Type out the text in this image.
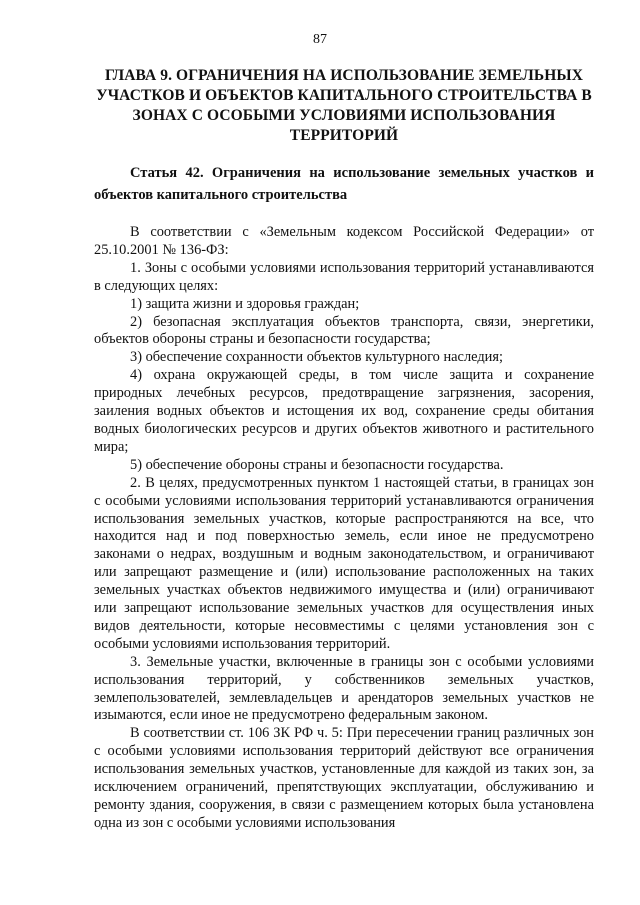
87
ГЛАВА 9. ОГРАНИЧЕНИЯ НА ИСПОЛЬЗОВАНИЕ ЗЕМЕЛЬНЫХ УЧАСТКОВ И ОБЪЕКТОВ КАПИТАЛЬНОГО СТРОИТЕЛЬСТВА В ЗОНАХ С ОСОБЫМИ УСЛОВИЯМИ ИСПОЛЬЗОВАНИЯ ТЕРРИТОРИЙ
Статья 42. Ограничения на использование земельных участков и объектов капитального строительства

В соответствии с «Земельным кодексом Российской Федерации» от 25.10.2001 № 136-ФЗ:

1. Зоны с особыми условиями использования территорий устанавливаются в следующих целях:

1) защита жизни и здоровья граждан;

2) безопасная эксплуатация объектов транспорта, связи, энергетики, объектов обороны страны и безопасности государства;

3) обеспечение сохранности объектов культурного наследия;

4) охрана окружающей среды, в том числе защита и сохранение природных лечебных ресурсов, предотвращение загрязнения, засорения, заиления водных объектов и истощения их вод, сохранение среды обитания водных биологических ресурсов и других объектов животного и растительного мира;

5) обеспечение обороны страны и безопасности государства.

2. В целях, предусмотренных пунктом 1 настоящей статьи, в границах зон с особыми условиями использования территорий устанавливаются ограничения использования земельных участков, которые распространяются на все, что находится над и под поверхностью земель, если иное не предусмотрено законами о недрах, воздушным и водным законодательством, и ограничивают или запрещают размещение и (или) использование расположенных на таких земельных участках объектов недвижимого имущества и (или) ограничивают или запрещают использование земельных участков для осуществления иных видов деятельности, которые несовместимы с целями установления зон с особыми условиями использования территорий.

3. Земельные участки, включенные в границы зон с особыми условиями использования территорий, у собственников земельных участков, землепользователей, землевладельцев и арендаторов земельных участков не изымаются, если иное не предусмотрено федеральным законом.

В соответствии ст. 106 ЗК РФ ч. 5: При пересечении границ различных зон с особыми условиями использования территорий действуют все ограничения использования земельных участков, установленные для каждой из таких зон, за исключением ограничений, препятствующих эксплуатации, обслуживанию и ремонту здания, сооружения, в связи с размещением которых была установлена одна из зон с особыми условиями использования
